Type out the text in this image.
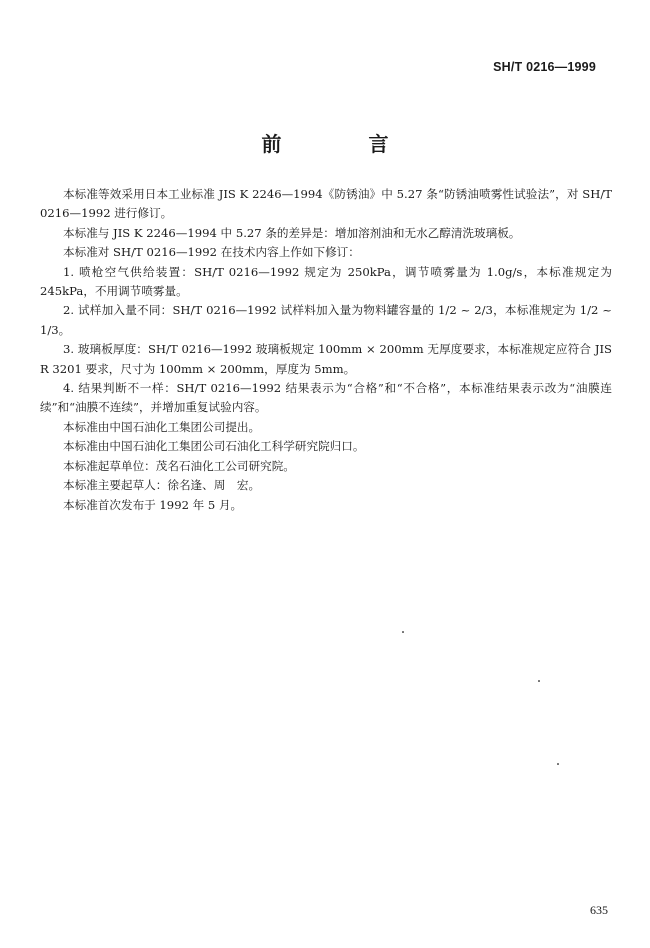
SH/T 0216—1999
前 言

本标准等效采用日本工业标准 JIS K 2246—1994《防锈油》中 5.27 条“防锈油喷雾性试验法”，对 SH/T 0216—1992 进行修订。

本标准与 JIS K 2246—1994 中 5.27 条的差异是：增加溶剂油和无水乙醇清洗玻璃板。

本标准对 SH/T 0216—1992 在技术内容上作如下修订：

1. 喷枪空气供给装置：SH/T 0216—1992 规定为 250kPa，调节喷雾量为 1.0g/s，本标准规定为 245kPa，不用调节喷雾量。

2. 试样加入量不同：SH/T 0216—1992 试样料加入量为物料罐容量的 1/2 ~ 2/3，本标准规定为 1/2 ~ 1/3。

3. 玻璃板厚度：SH/T 0216—1992 玻璃板规定 100mm × 200mm 无厚度要求，本标准规定应符合 JIS R 3201 要求，尺寸为 100mm × 200mm，厚度为 5mm。

4. 结果判断不一样：SH/T 0216—1992 结果表示为“合格”和“不合格”，本标准结果表示改为“油膜连续”和“油膜不连续”，并增加重复试验内容。

本标准由中国石油化工集团公司提出。

本标准由中国石油化工集团公司石油化工科学研究院归口。

本标准起草单位：茂名石油化工公司研究院。

本标准主要起草人：徐名逢、周　宏。

本标准首次发布于 1992 年 5 月。

635
